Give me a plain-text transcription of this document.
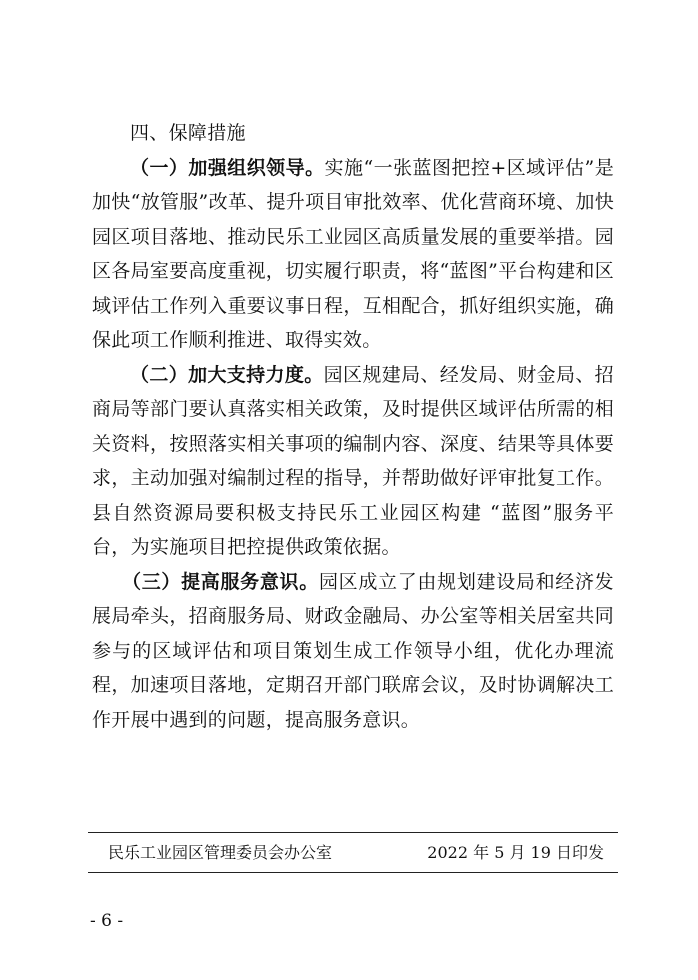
四、保障措施

（一）加强组织领导。实施“一张蓝图把控+区域评估”是加快“放管服”改革、提升项目审批效率、优化营商环境、加快园区项目落地、推动民乐工业园区高质量发展的重要举措。园区各局室要高度重视，切实履行职责，将“蓝图”平台构建和区域评估工作列入重要议事日程，互相配合，抓好组织实施，确保此项工作顺利推进、取得实效。

（二）加大支持力度。园区规建局、经发局、财金局、招商局等部门要认真落实相关政策，及时提供区域评估所需的相关资料，按照落实相关事项的编制内容、深度、结果等具体要求，主动加强对编制过程的指导，并帮助做好评审批复工作。县自然资源局要积极支持民乐工业园区构建 “蓝图”服务平台，为实施项目把控提供政策依据。

（三）提高服务意识。园区成立了由规划建设局和经济发展局牵头，招商服务局、财政金融局、办公室等相关居室共同参与的区域评估和项目策划生成工作领导小组，优化办理流程，加速项目落地，定期召开部门联席会议，及时协调解决工作开展中遇到的问题，提高服务意识。

民乐工业园区管理委员会办公室	2022 年 5 月 19 日印发
- 6 -
